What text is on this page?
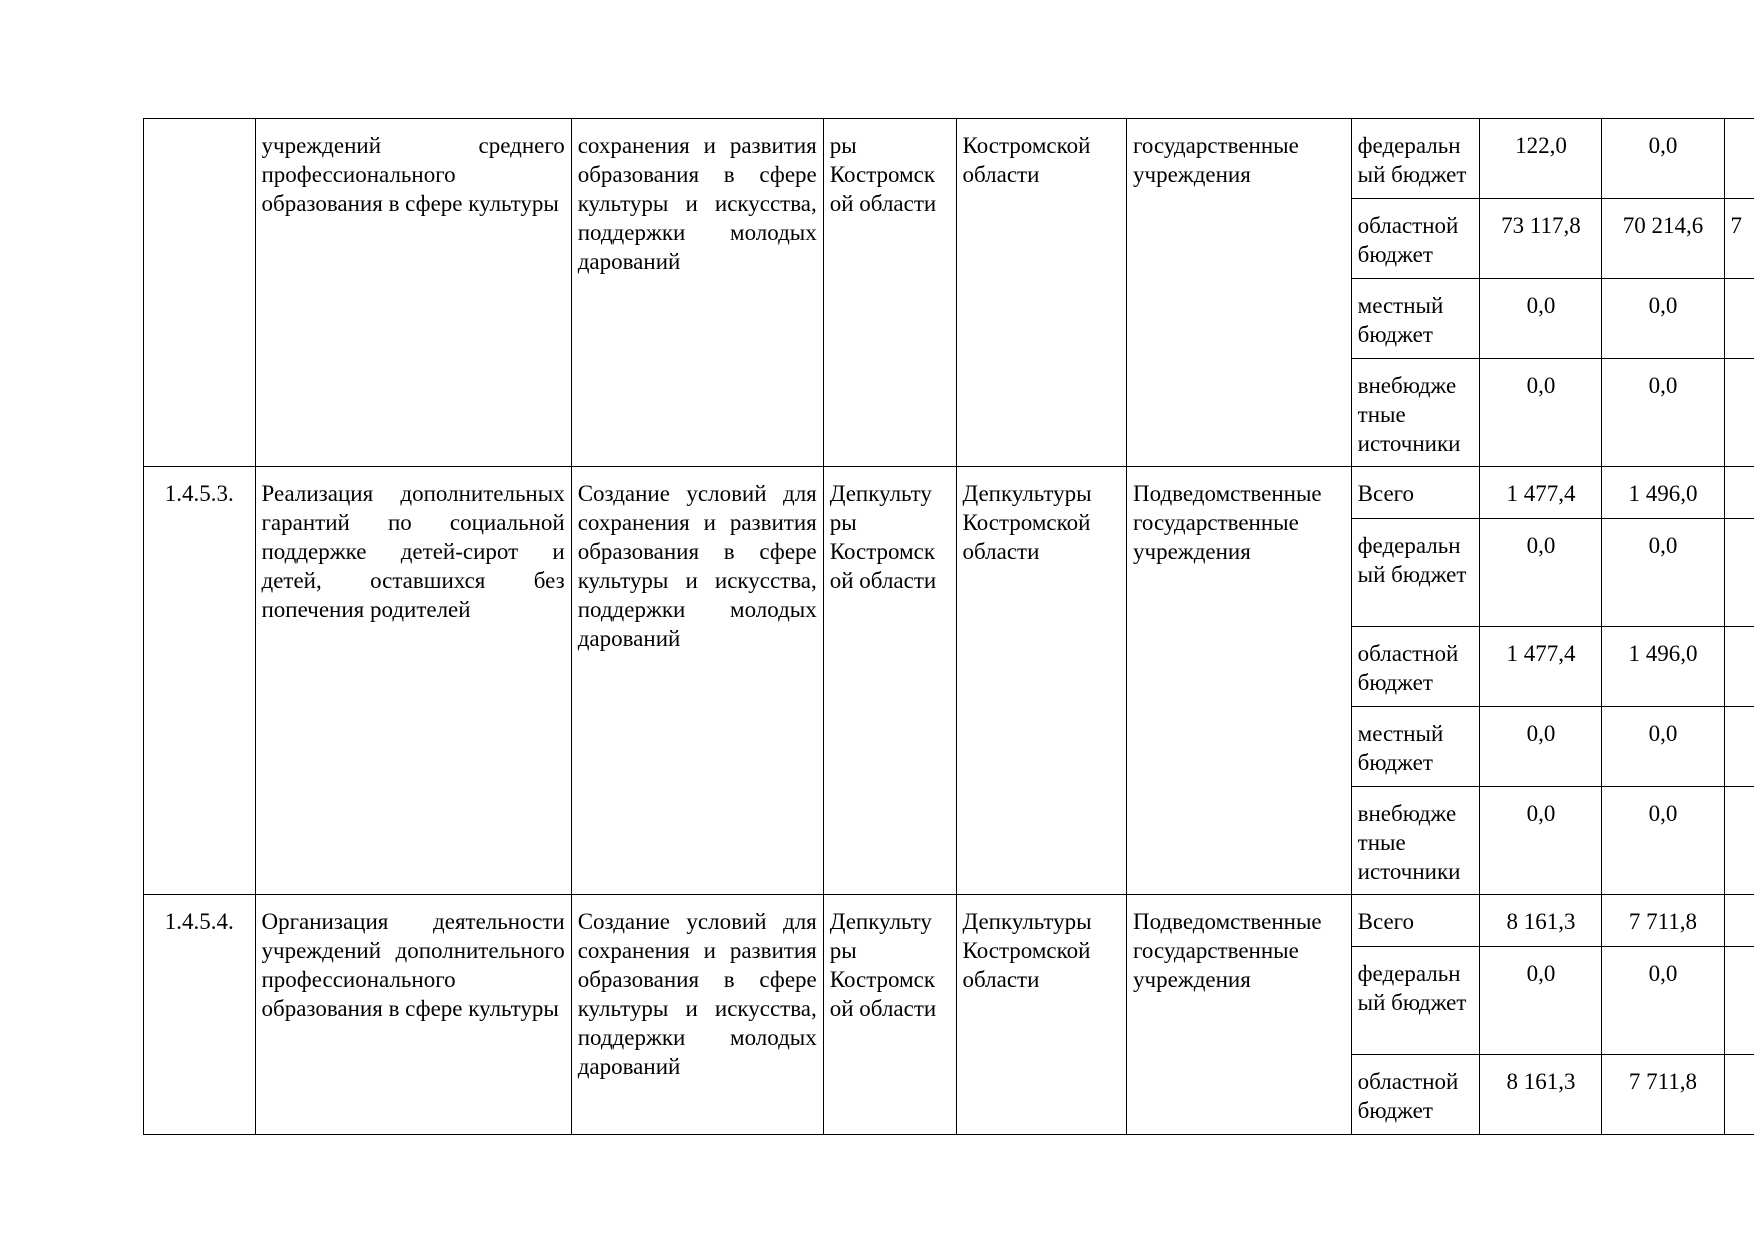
	учреждений среднего профессионального образования в сфере культуры	сохранения и развития образования в сфере культуры и искусства, поддержки молодых дарований	ры Костромск ой области	Костромской области	государственные учреждения	федеральн ый бюджет	122,0	0,0	
						областной бюджет	73 117,8	70 214,6	7
						местный бюджет	0,0	0,0	
						внебюдже тные источники	0,0	0,0	
1.4.5.3.	Реализация дополнительных гарантий по социальной поддержке детей-сирот и детей, оставшихся без попечения родителей	Создание условий для сохранения и развития образования в сфере культуры и искусства, поддержки молодых дарований	Депкульту ры Костромск ой области	Депкультуры Костромской области	Подведомственные государственные учреждения	Всего	1 477,4	1 496,0	
						федеральн ый бюджет	0,0	0,0	
						областной бюджет	1 477,4	1 496,0	
						местный бюджет	0,0	0,0	
						внебюдже тные источники	0,0	0,0	
1.4.5.4.	Организация деятельности учреждений дополнительного профессионального образования в сфере культуры	Создание условий для сохранения и развития образования в сфере культуры и искусства, поддержки молодых дарований	Депкульту ры Костромск ой области	Депкультуры Костромской области	Подведомственные государственные учреждения	Всего	8 161,3	7 711,8	
						федеральн ый бюджет	0,0	0,0	
						областной бюджет	8 161,3	7 711,8	
